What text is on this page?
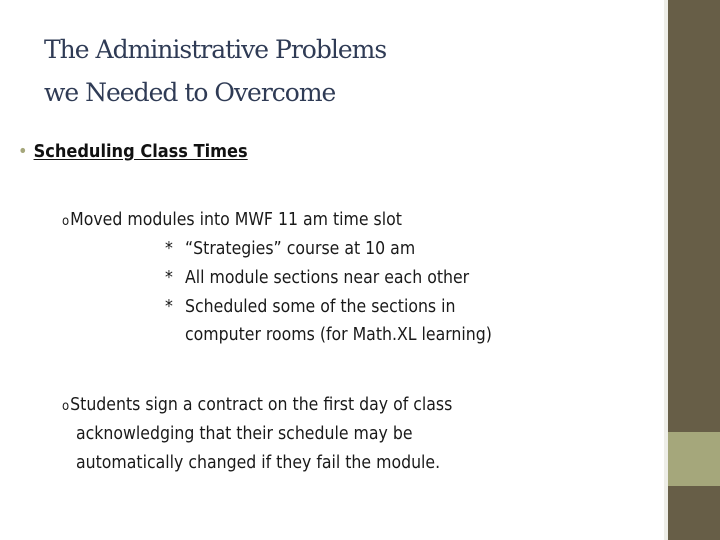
The Administrative Problems
we Needed to Overcome
• Scheduling Class Times
oMoved modules into MWF 11 am time slot
* “Strategies” course at 10 am
* All module sections near each other
* Scheduled some of the sections in
computer rooms (for Math.XL learning)
oStudents sign a contract on the first day of class
acknowledging that their schedule may be
automatically changed if they fail the module.
